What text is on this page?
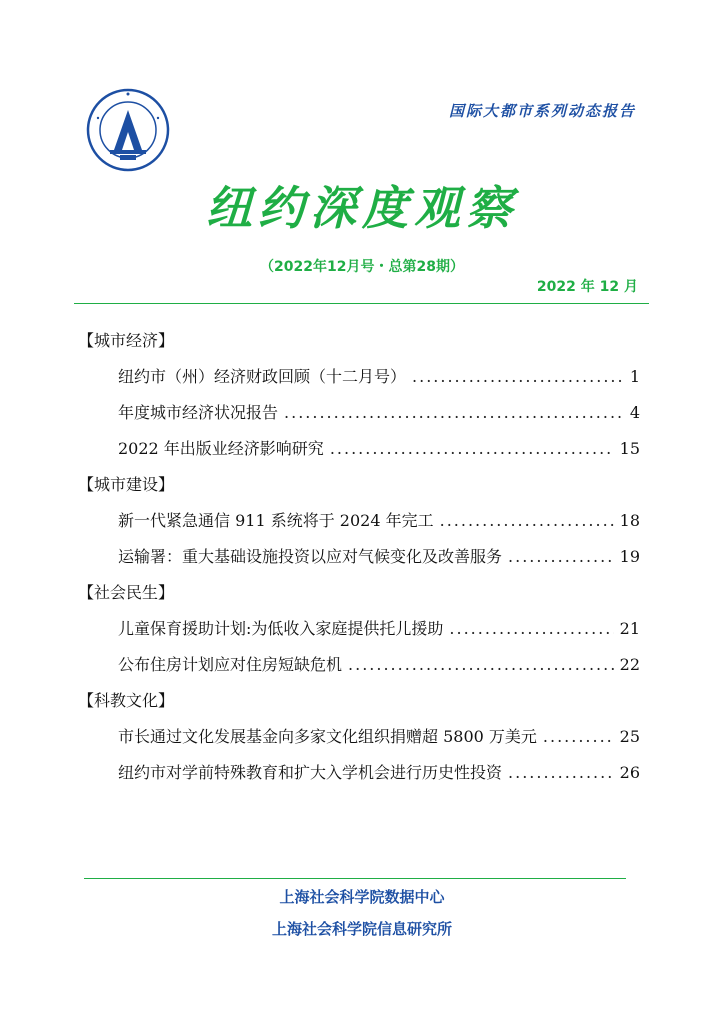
国际大都市系列动态报告
纽约深度观察
（2022年12月号・总第28期）
2022 年 12 月
【城市经济】
纽约市（州）经济财政回顾（十二月号） .....	1
年度城市经济状况报告 .....	4
2022 年出版业经济影响研究 .....	15
【城市建设】
新一代紧急通信 911 系统将于 2024 年完工 .....	18
运输署：重大基础设施投资以应对气候变化及改善服务 .....	19
【社会民生】
儿童保育援助计划:为低收入家庭提供托儿援助 .....	21
公布住房计划应对住房短缺危机 .....	22
【科教文化】
市长通过文化发展基金向多家文化组织捐赠超 5800 万美元 .....	25
纽约市对学前特殊教育和扩大入学机会进行历史性投资 .....	26
上海社会科学院数据中心
上海社会科学院信息研究所
